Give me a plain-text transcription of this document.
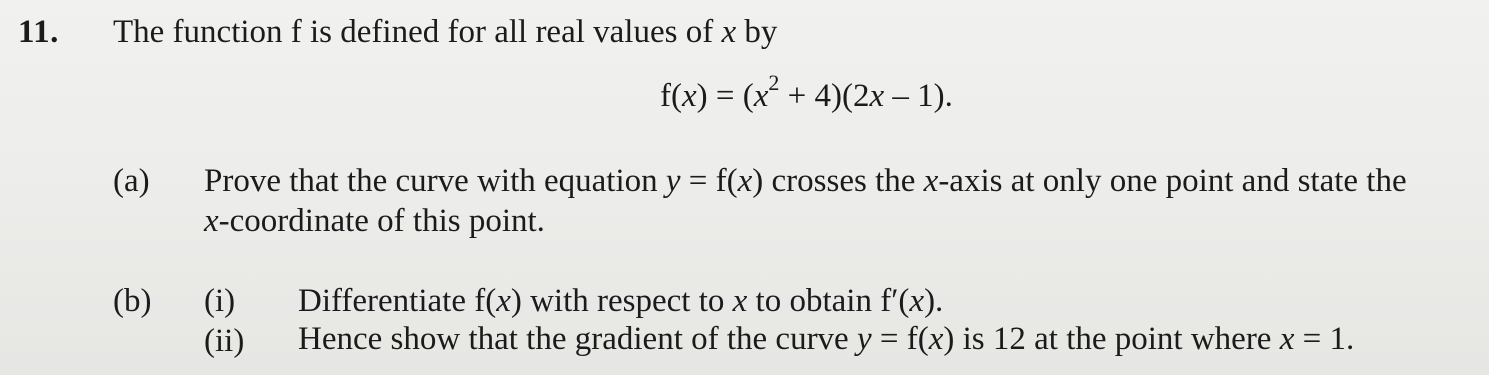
11. The function f is defined for all real values of x by
$f(x) = (x^2 + 4)(2x - 1)$.
(a) Prove that the curve with equation y = f(x) crosses the x-axis at only one point and state the
x-coordinate of this point.
(b) (i) Differentiate f(x) with respect to x to obtain f′(x).
(ii) Hence show that the gradient of the curve y = f(x) is 12 at the point where x = 1.
